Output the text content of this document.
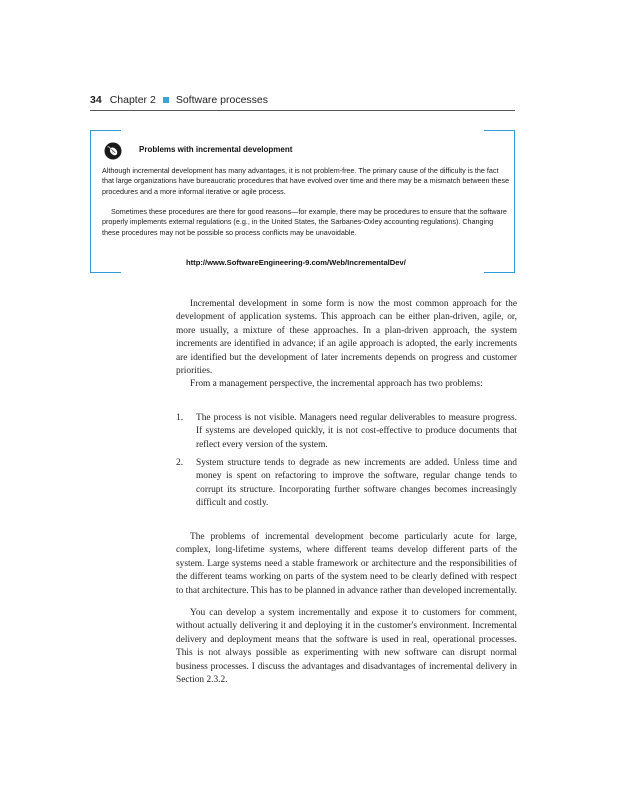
34 Chapter 2 Software processes
Problems with incremental development

Although incremental development has many advantages, it is not problem-free. The primary cause of the difficulty is the fact that large organizations have bureaucratic procedures that have evolved over time and there may be a mismatch between these procedures and a more informal iterative or agile process.

Sometimes these procedures are there for good reasons—for example, there may be procedures to ensure that the software properly implements external regulations (e.g., in the United States, the Sarbanes-Oxley accounting regulations). Changing these procedures may not be possible so process conflicts may be unavoidable.

http://www.SoftwareEngineering-9.com/Web/IncrementalDev/

Incremental development in some form is now the most common approach for the development of application systems. This approach can be either plan-driven, agile, or, more usually, a mixture of these approaches. In a plan-driven approach, the system increments are identified in advance; if an agile approach is adopted, the early increments are identified but the development of later increments depends on progress and customer priorities.

From a management perspective, the incremental approach has two problems:

1. The process is not visible. Managers need regular deliverables to measure progress. If systems are developed quickly, it is not cost-effective to produce documents that reflect every version of the system.
2. System structure tends to degrade as new increments are added. Unless time and money is spent on refactoring to improve the software, regular change tends to corrupt its structure. Incorporating further software changes becomes increasingly difficult and costly.

The problems of incremental development become particularly acute for large, complex, long-lifetime systems, where different teams develop different parts of the system. Large systems need a stable framework or architecture and the responsibilities of the different teams working on parts of the system need to be clearly defined with respect to that architecture. This has to be planned in advance rather than developed incrementally.

You can develop a system incrementally and expose it to customers for comment, without actually delivering it and deploying it in the customer's environment. Incremental delivery and deployment means that the software is used in real, operational processes. This is not always possible as experimenting with new software can disrupt normal business processes. I discuss the advantages and disadvantages of incremental delivery in Section 2.3.2.
